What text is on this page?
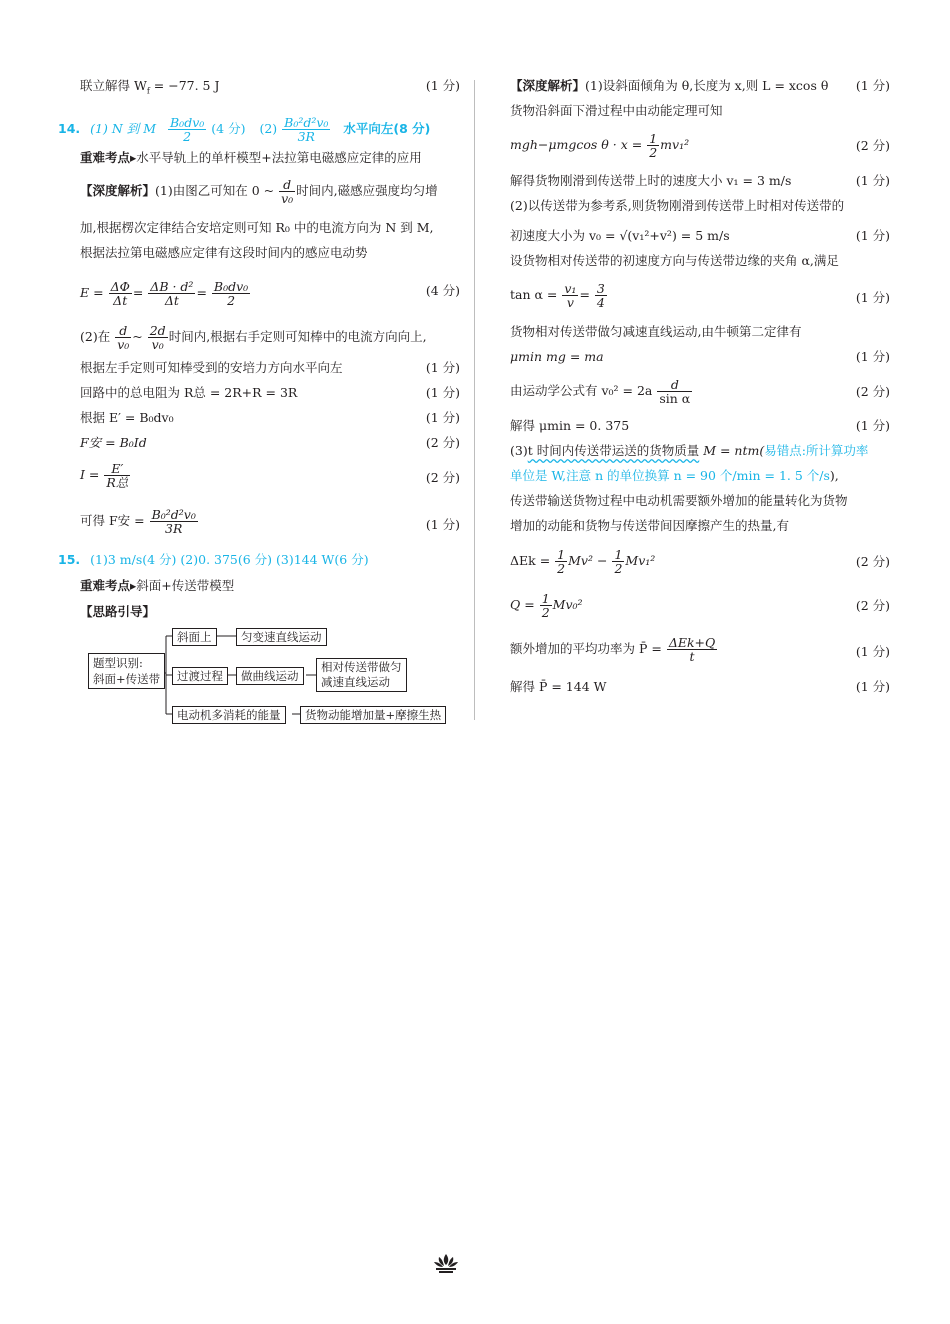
联立解得 $W_f = -77$. 5 J	(1 分)
14. (1) N 到 M $\frac{\text{B₀dv₀}}{2} (4$ 分) $(2) \frac{\text{B₀²d²v₀}}{3R}$ 水平向左(8 分)
重难考点▸水平导轨上的单杆模型+法拉第电磁感应定律的应用
【深度解析】(1)由图乙可知在 0 ~ $\frac{d}{\text{v₀}}$ 时间内,磁感应强度均匀增
加,根据楞次定律结合安培定则可知 R₀ 中的电流方向为 N 到 M,
根据法拉第电磁感应定律有这段时间内的感应电动势
$E = \frac{\Delta\Phi}{\Delta t} = \frac{\text{ΔB · d²}}{\Delta t} = \frac{\text{B₀dv₀}}{2}$	(4 分)
(2)在 $\frac{d}{\text{v₀}}$ ~ $\frac{2d}{\text{v₀}}$ 时间内,根据右手定则可知棒中的电流方向向上,
根据左手定则可知棒受到的安培力方向水平向左	(1 分)
回路中的总电阻为 R总 = 2R+R = 3R	(1 分)
根据 E′ = B₀dv₀	(1 分)
F安 = B₀Id	(2 分)
$I = \frac{E'}{\text{R总}}$	(2 分)
可得 F安 = $\frac{\text{B₀²d²v₀}}{3R}$	(1 分)
15. (1)3 m/s(4 分) (2)0. 375(6 分) (3)144 W(6 分)
重难考点▸斜面+传送带模型
【思路引导】
题型识别:
斜面+传送带
斜面上	匀变速直线运动
过渡过程	做曲线运动
相对传送带做匀
减速直线运动
电动机多消耗的能量	货物动能增加量+摩擦生热
【深度解析】(1)设斜面倾角为 θ,长度为 x,则 L = xcos θ	(1 分)
货物沿斜面下滑过程中由动能定理可知
mgh−μmgcos $\theta \cdot x = \frac{1}{2} mv_1^2$	(2 分)
解得货物刚滑到传送带上时的速度大小 v₁ = 3 m/s	(1 分)
(2)以传送带为参考系,则货物刚滑到传送带上时相对传送带的
初速度大小为 v₀ = √(v₁²+v²) = 5 m/s	(1 分)
设货物相对传送带的初速度方向与传送带边缘的夹角 α,满足
$\tan \alpha = \frac{\text{v₁}}{v} = \frac{3}{4}$	(1 分)
货物相对传送带做匀减速直线运动,由牛顿第二定律有
μmin mg = ma	(1 分)
由运动学公式有 $v_0^2 = 2a \frac{d}{\text{sin α}}$	(2 分)
解得 μmin = 0. 375	(1 分)
(3)t 时间内传送带运送的货物质量 M = ntm(易错点:所计算功率
单位是 W,注意 n 的单位换算 n = 90 个/min = 1. 5 个/s),
传送带输送货物过程中电动机需要额外增加的能量转化为货物
增加的动能和货物与传送带间因摩擦产生的热量,有
$\Delta Ek = \frac{1}{2} Mv^2 - \frac{1}{2} Mv_1^2$	(2 分)
$Q = \frac{1}{2} Mv_0^2$	(2 分)
额外增加的平均功率为 P̄ = $\frac{\text{ΔEk+Q}}{t}$	(1 分)
解得 P̄ = 144 W	(1 分)
